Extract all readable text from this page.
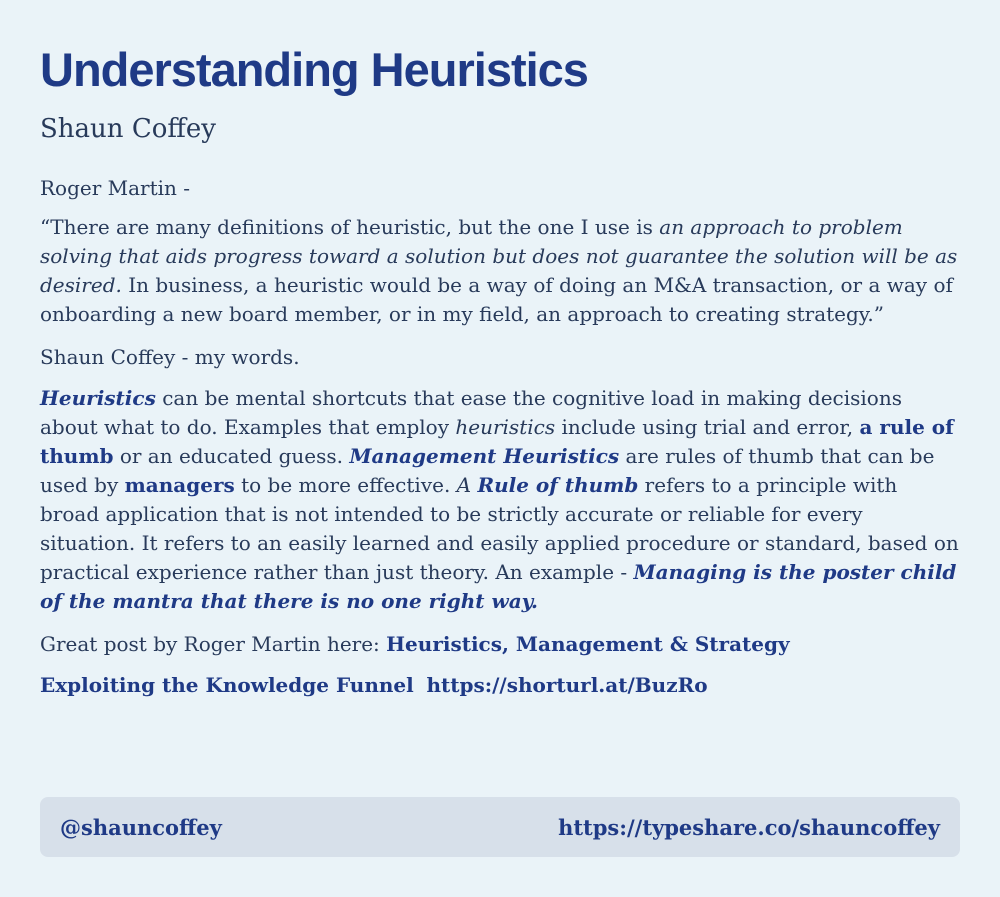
Understanding Heuristics
Shaun Coffey

Roger Martin -

“There are many definitions of heuristic, but the one I use is an approach to problem solving that aids progress toward a solution but does not guarantee the solution will be as desired. In business, a heuristic would be a way of doing an M&A transaction, or a way of onboarding a new board member, or in my field, an approach to creating strategy.”

Shaun Coffey - my words.

Heuristics can be mental shortcuts that ease the cognitive load in making decisions about what to do. Examples that employ heuristics include using trial and error, a rule of thumb or an educated guess. Management Heuristics are rules of thumb that can be used by managers to be more effective. A Rule of thumb refers to a principle with broad application that is not intended to be strictly accurate or reliable for every situation. It refers to an easily learned and easily applied procedure or standard, based on practical experience rather than just theory. An example - Managing is the poster child of the mantra that there is no one right way.

Great post by Roger Martin here: Heuristics, Management & Strategy

Exploiting the Knowledge Funnel https://shorturl.at/BuzRo

@shauncoffey	https://typeshare.co/shauncoffey
